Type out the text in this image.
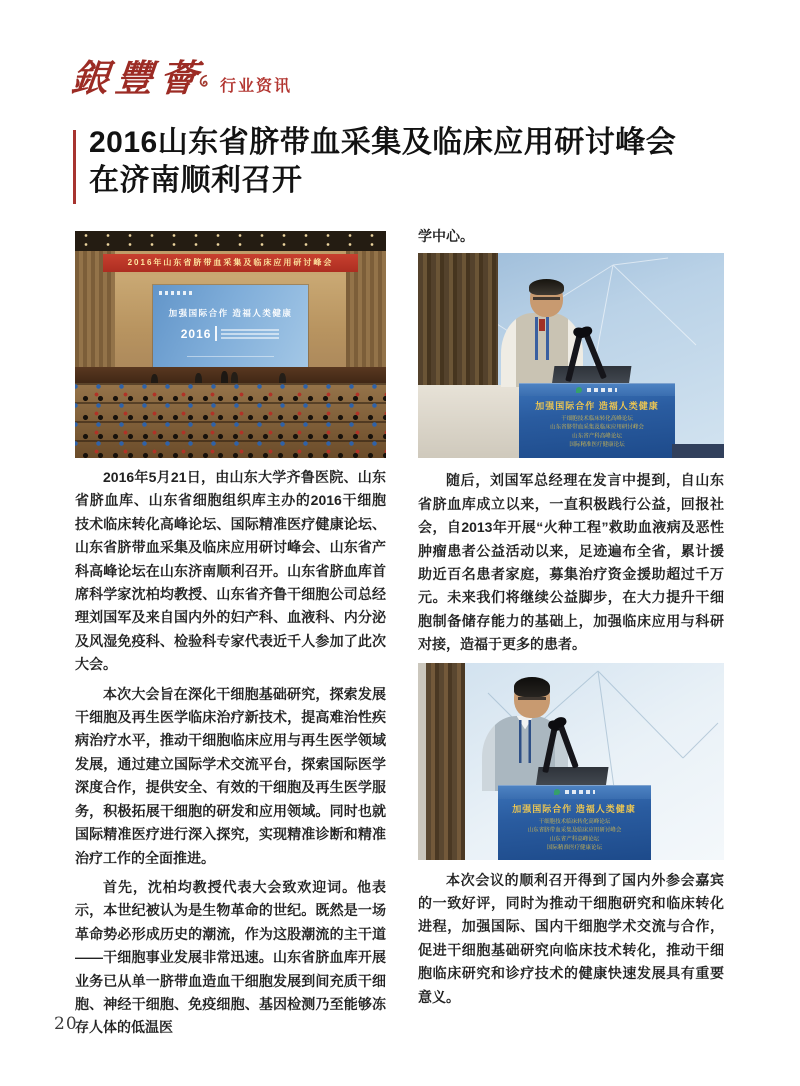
銀豐薈 行业资讯
2016山东省脐带血采集及临床应用研讨峰会
在济南顺利召开
2016年山东省脐带血采集及临床应用研讨峰会
加强国际合作 造福人类健康
2016

2016年5月21日，由山东大学齐鲁医院、山东省脐血库、山东省细胞组织库主办的2016干细胞技术临床转化高峰论坛、国际精准医疗健康论坛、山东省脐带血采集及临床应用研讨峰会、山东省产科高峰论坛在山东济南顺利召开。山东省脐血库首席科学家沈柏均教授、山东省齐鲁干细胞公司总经理刘国军及来自国内外的妇产科、血液科、内分泌及风湿免疫科、检验科专家代表近千人参加了此次大会。

本次大会旨在深化干细胞基础研究，探索发展干细胞及再生医学临床治疗新技术，提高难治性疾病治疗水平，推动干细胞临床应用与再生医学领域发展，通过建立国际学术交流平台，探索国际医学深度合作，提供安全、有效的干细胞及再生医学服务，积极拓展干细胞的研发和应用领域。同时也就国际精准医疗进行深入探究，实现精准诊断和精准治疗工作的全面推进。

首先，沈柏均教授代表大会致欢迎词。他表示，本世纪被认为是生物革命的世纪。既然是一场革命势必形成历史的潮流，作为这股潮流的主干道——干细胞事业发展非常迅速。山东省脐血库开展业务已从单一脐带血造血干细胞发展到间充质干细胞、神经干细胞、免疫细胞、基因检测乃至能够冻存人体的低温医

学中心。

加强国际合作 造福人类健康
干细胞技术临床转化高峰论坛
山东省脐带血采集及临床应用研讨峰会
山东省产科高峰论坛
国际精准医疗健康论坛

随后，刘国军总经理在发言中提到，自山东省脐血库成立以来，一直积极践行公益，回报社会，自2013年开展“火种工程”救助血液病及恶性肿瘤患者公益活动以来，足迹遍布全省，累计援助近百名患者家庭，募集治疗资金援助超过千万元。未来我们将继续公益脚步，在大力提升干细胞制备储存能力的基础上，加强临床应用与科研对接，造福于更多的患者。

加强国际合作 造福人类健康
干细胞技术临床转化高峰论坛
山东省脐带血采集及临床应用研讨峰会
山东省产科高峰论坛
国际精准医疗健康论坛

本次会议的顺利召开得到了国内外参会嘉宾的一致好评，同时为推动干细胞研究和临床转化进程，加强国际、国内干细胞学术交流与合作，促进干细胞基础研究向临床技术转化，推动干细胞临床研究和诊疗技术的健康快速发展具有重要意义。

20
